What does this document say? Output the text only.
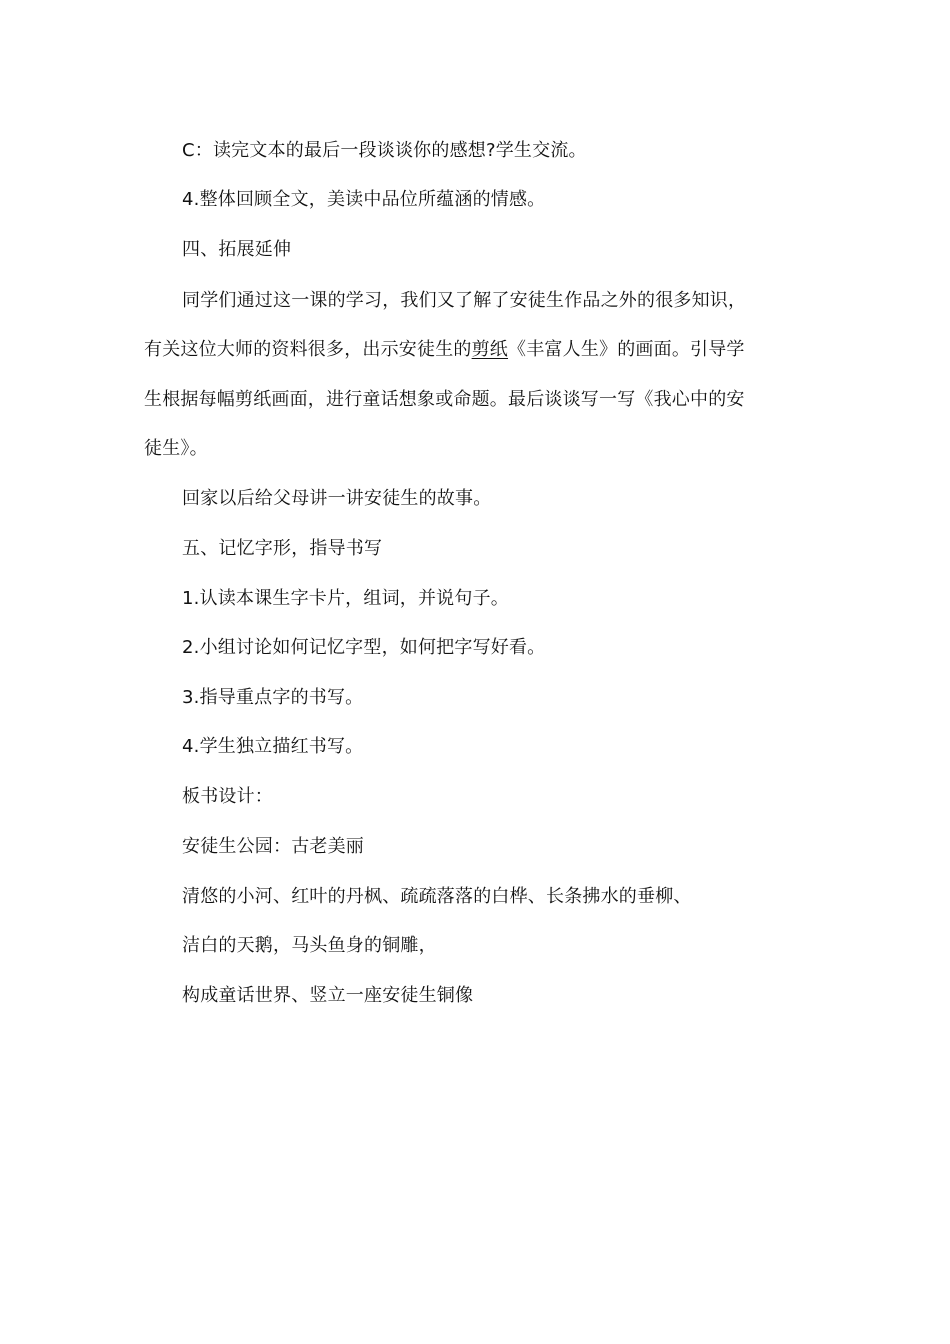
C：读完文本的最后一段谈谈你的感想?学生交流。
4.整体回顾全文，美读中品位所蕴涵的情感。
四、拓展延伸
同学们通过这一课的学习，我们又了解了安徒生作品之外的很多知识，
有关这位大师的资料很多，出示安徒生的剪纸《丰富人生》的画面。引导学
生根据每幅剪纸画面，进行童话想象或命题。最后谈谈写一写《我心中的安
徒生》。
回家以后给父母讲一讲安徒生的故事。
五、记忆字形，指导书写
1.认读本课生字卡片，组词，并说句子。
2.小组讨论如何记忆字型，如何把字写好看。
3.指导重点字的书写。
4.学生独立描红书写。
板书设计：
安徒生公园：古老美丽
清悠的小河、红叶的丹枫、疏疏落落的白桦、长条拂水的垂柳、
洁白的天鹅，马头鱼身的铜雕，
构成童话世界、竖立一座安徒生铜像
